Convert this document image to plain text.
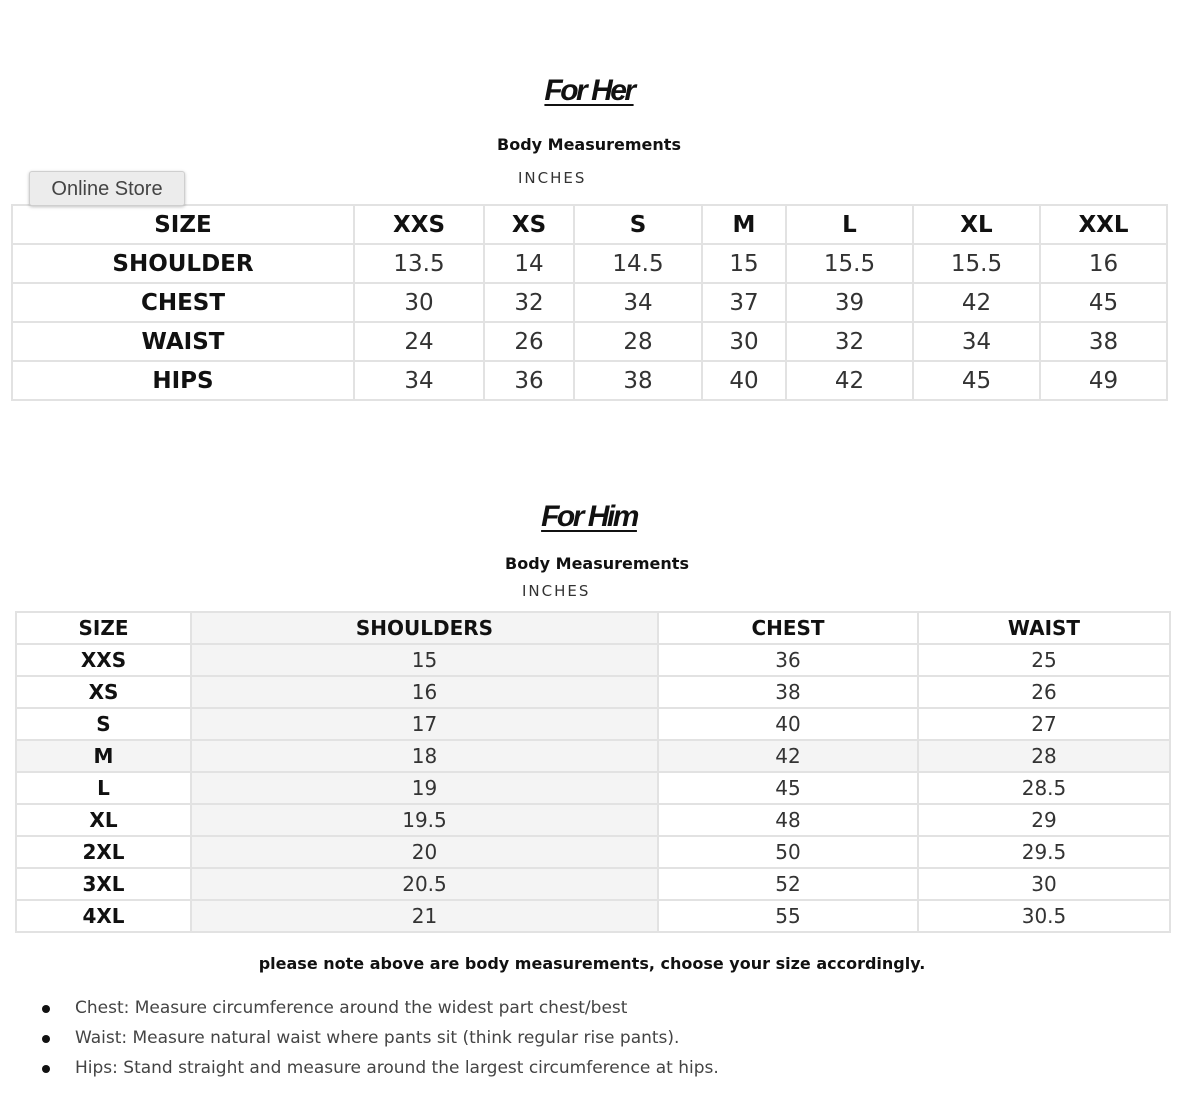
For Her
Body Measurements
INCHES
Online Store
SIZE	XXS	XS	S	M	L	XL	XXL
SHOULDER	13.5	14	14.5	15	15.5	15.5	16
CHEST	30	32	34	37	39	42	45
WAIST	24	26	28	30	32	34	38
HIPS	34	36	38	40	42	45	49
For Him
Body Measurements
INCHES
SIZE	SHOULDERS	CHEST	WAIST
XXS	15	36	25
XS	16	38	26
S	17	40	27
M	18	42	28
L	19	45	28.5
XL	19.5	48	29
2XL	20	50	29.5
3XL	20.5	52	30
4XL	21	55	30.5
please note above are body measurements, choose your size accordingly.
Chest: Measure circumference around the widest part chest/best
Waist: Measure natural waist where pants sit (think regular rise pants).
Hips: Stand straight and measure around the largest circumference at hips.
